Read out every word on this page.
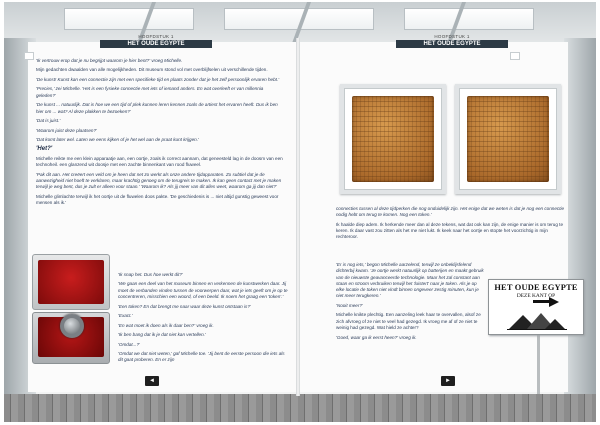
HOOFDSTUK 1
HET OUDE EGYPTE
HOOFDSTUK 1
HET OUDE EGYPTE

'Ik vertrouw erop dat je nu begrijpt waarom je hier bent?' vroeg Michelle.

Mijn gedachten dwaalden van alle mogelijkheden. Dit museum stond vol met overblijfselen uit verschillende tijden.

'De kunst! Kunst kan een connectie zijn met een specifieke tijd en plaats zonder dat je het zelf persoonlijk ervaren hebt.'

'Precies,' zei Michelle. 'Het is een fysieke connectie met iets of iemand anders. En wat overleeft er van millennia geleden?'

'De kunst ... natuurlijk. Dat is hoe we een tijd of plek kunnen leren kennen zoals de artiest het ervaren heeft. Dus ik ben hier om ... wat? Al deze plakken te bezoeken?'

'Dat is juist.'

'Waarom juist deze plaatsen?'

'Dat komt later wel. Laten we eens kijken of je het wel aan de praat kunt krijgen.'

'Het?'

Michelle reikte me een klein apparaatje aan, een oortje, zoals ik correct aannam, dat geneesteld lag in de doosm van een technoheil. een glanzend wit doosje met een zachte binnenkant van rood fluweel.

'Pak dit aan. Het creëert een veld om je heen dat net zo werkt als onze andere tijdapparaten. Zo subtiel dat je de aanwezigheid niet hoeft te verklaren, maar krachtig genoeg om de terugreis te maken. Ik kan geen contact met je maken terwijl je weg bent, dus je zult er alleen voor staan.' 'Waarom ik? Als jij meer van dit alles weet, waarom ga jij dan niet?'

Michelle glimlachte terwijl ik het oortje uit de fluwelen doos pakte. 'De geschiedenis is ... niet altijd gunstig geweest voor mensen als ik.'

'Ik snap het. Dus hoe werkt dit?'

'We gaan een deel van het museum binnen en verkennen de kunstwerken daar. Jij moet de verbanden vinden tussen de voorwerpen daar, wat je iets geeft om je op te concentreren, misschien een woord, of een beeld. Ik noem het graag een 'token'.'

'Een token? En dat brengt me naar waar deze kunst ontstaan is?'

'Exact.'

'En wat moet ik doen als ik daar ben?' vroeg ik.

'Ik ben bang dat ik je dat niet kan vertellen.'

'Omdat...?'

'Omdat we dat niet weten,' gaf Michelle toe. 'Jij bent de eerste persoon die iets als dit gaat proberen. En er zijn

connecties tussen al deze tijdperken die nog onduidelijk zijn. Het enige dat we weten is dat je nog een connectie nodig hebt om terug te komen. Nog een token.'

Ik haalde diep adem. Ik herkende meer dan al deze tekens, wat dat ook kan zijn, de enige manier is om terug te keren. Ik daar vast zou zitten als het me niet lukt. Ik keek naar het oortje en stopte het voorzichtig in mijn rechteroor.

'Er is nog iets,' begon Michelle aarzelend, terwijl ze onbeklijsfelend dichterbij kwam. 'Je oortje werkt natuurlijk op batterijen en maakt gebruik van de nieuwste geavanceerde technologie. Maar het zal constant aan staan en stroom verbruiken terwijl het 'luistert' naar je token. Als je op elke locatie de token niet vindt binnen ongeveer zestig minuten, kun je niet meer terugkeren.'

'Nooit meer?'

Michelle knikte plechtig. Een aanzeling leek haar te overvallen, alsof ze zich afvroeg of ze niet te veel had gezegd. Ik vroeg me af of ze niet te weinig had gezegd. Wat hield ze achter?

'Goed, waar ga ik eerst heen?' vroeg ik.

◄	►
HET OUDE EGYPTE
DEZE KANT OP
